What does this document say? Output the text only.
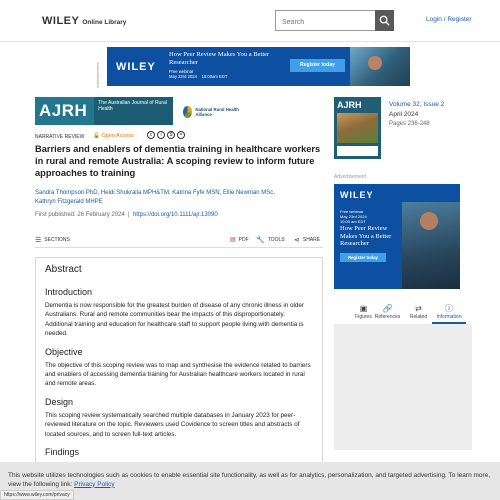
WILEY Online Library
Search	Login / Register
Advertisement	WILEY
How Peer Review Makes You a Better Researcher
Free webinar
May 23rd 2024 10:00am EDT
Register today
AJRH	The Australian Journal of Rural Health	National Rural Health Alliance
AJRH	Volume 32, Issue 2
April 2024
Pages 236-248
NARRATIVE REVIEW 🔓 Open Access	c	i	$	=
Barriers and enablers of dementia training in healthcare workers in rural and remote Australia: A scoping review to inform future approaches to training
Sandra Thompson PhD, Heidi Shukralla MPH&TM, Katrina Fyfe MSN, Ellie Newman MSc, Kathryn Fitzgerald MHPE
First published: 26 February 2024  |  https://doi.org/10.1111/ajr.13090
☰ SECTIONS	▤ PDF 🔧 TOOLS ⋖ SHARE
Abstract
Introduction

Dementia is now responsible for the greatest burden of disease of any chronic illness in older Australians. Rural and remote communities bear the impacts of this disproportionately. Additional training and education for healthcare staff to support people living with dementia is needed.

Objective

The objective of this scoping review was to map and synthesise the evidence related to barriers and enablers of accessing dementia training for Australian healthcare workers located in rural and remote areas.

Design

This scoping review systematically searched multiple databases in January 2023 for peer-reviewed literature on the topic. Reviewers used Covidence to screen titles and abstracts of located sources, and to screen full-text articles.

Findings
Advertisement
WILEY
Free webinar
May 23rd 2024
10:00 am EDT
How Peer Review Makes You a Better Researcher
Register today
▣
Figures
🔗
References
⇄
Related
ⓘ
Information

This website utilizes technologies such as cookies to enable essential site functionality, as well as for analytics, personalization, and targeted advertising. To learn more, view the following link: Privacy Policy

https://www.wiley.com/privacy
